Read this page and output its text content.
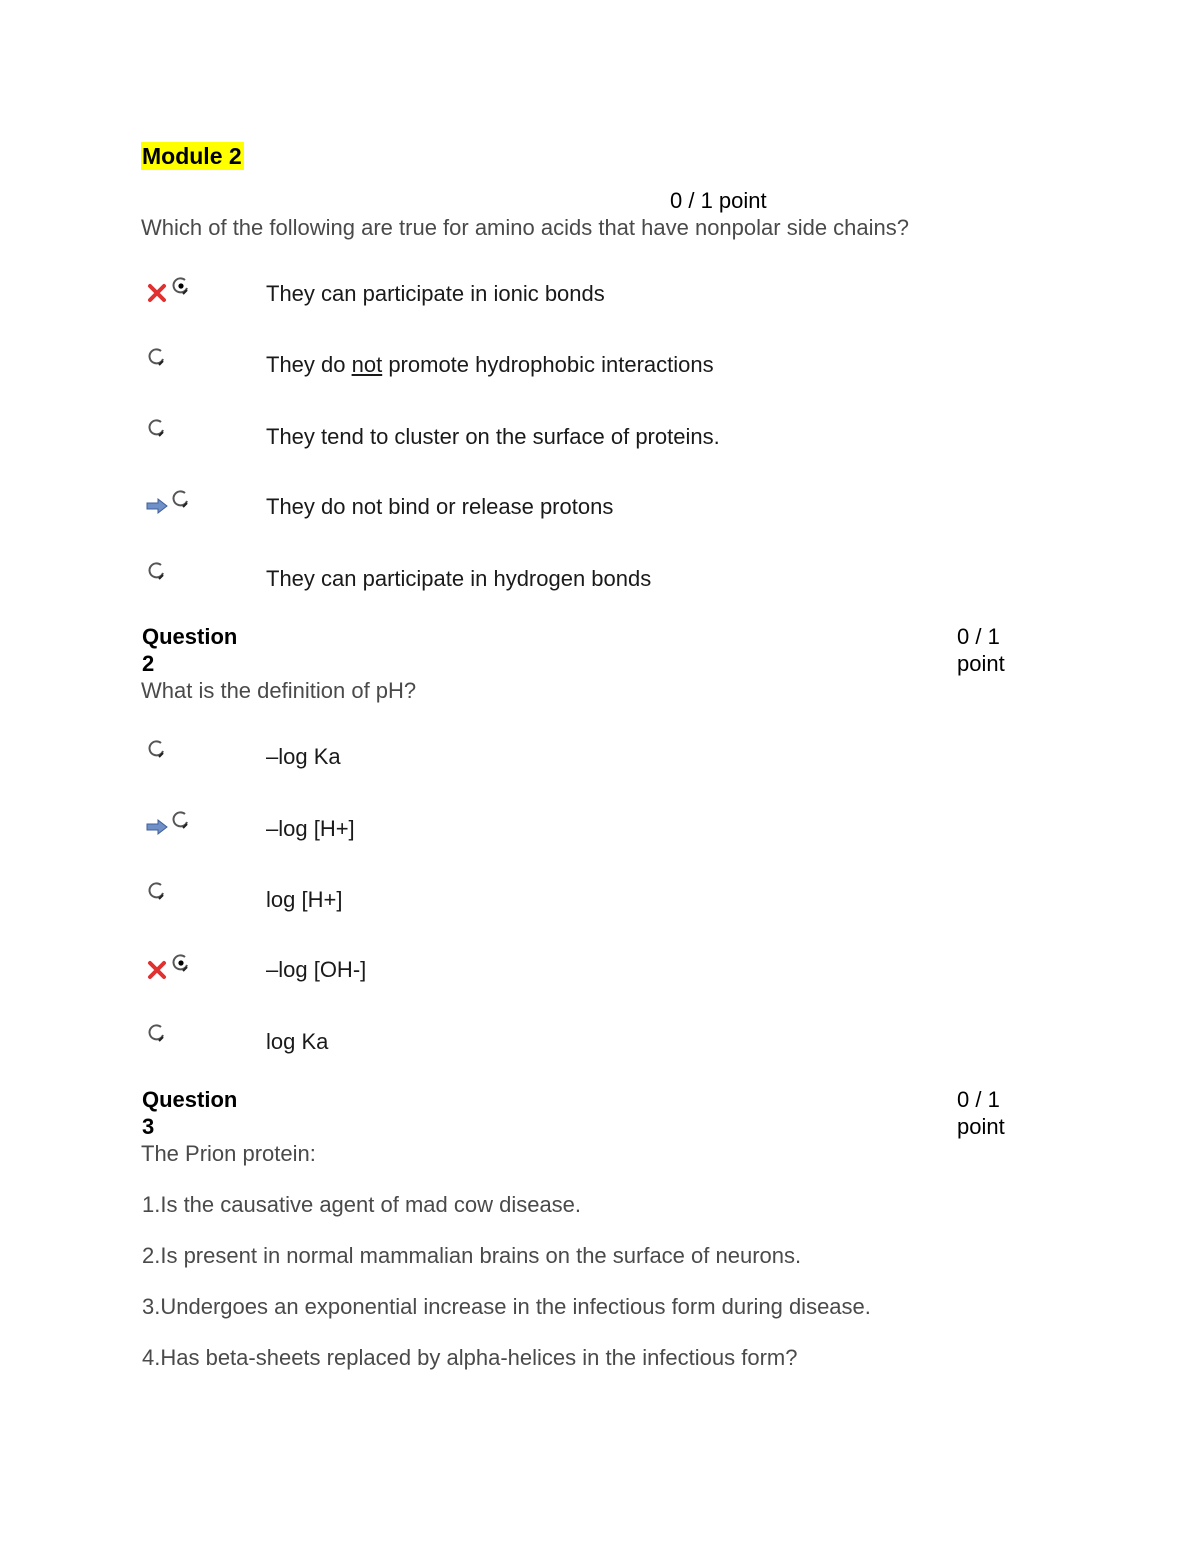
Module 2
0 / 1 point
Which of the following are true for amino acids that have nonpolar side chains?
They can participate in ionic bonds
They do not promote hydrophobic interactions
They tend to cluster on the surface of proteins.
They do not bind or release protons
They can participate in hydrogen bonds
Question
2
0 / 1
point
What is the definition of pH?
–log Ka
–log [H+]
log [H+]
–log [OH-]
log Ka
Question
3
0 / 1
point
The Prion protein:
1.Is the causative agent of mad cow disease.
2.Is present in normal mammalian brains on the surface of neurons.
3.Undergoes an exponential increase in the infectious form during disease.
4.Has beta-sheets replaced by alpha-helices in the infectious form?
